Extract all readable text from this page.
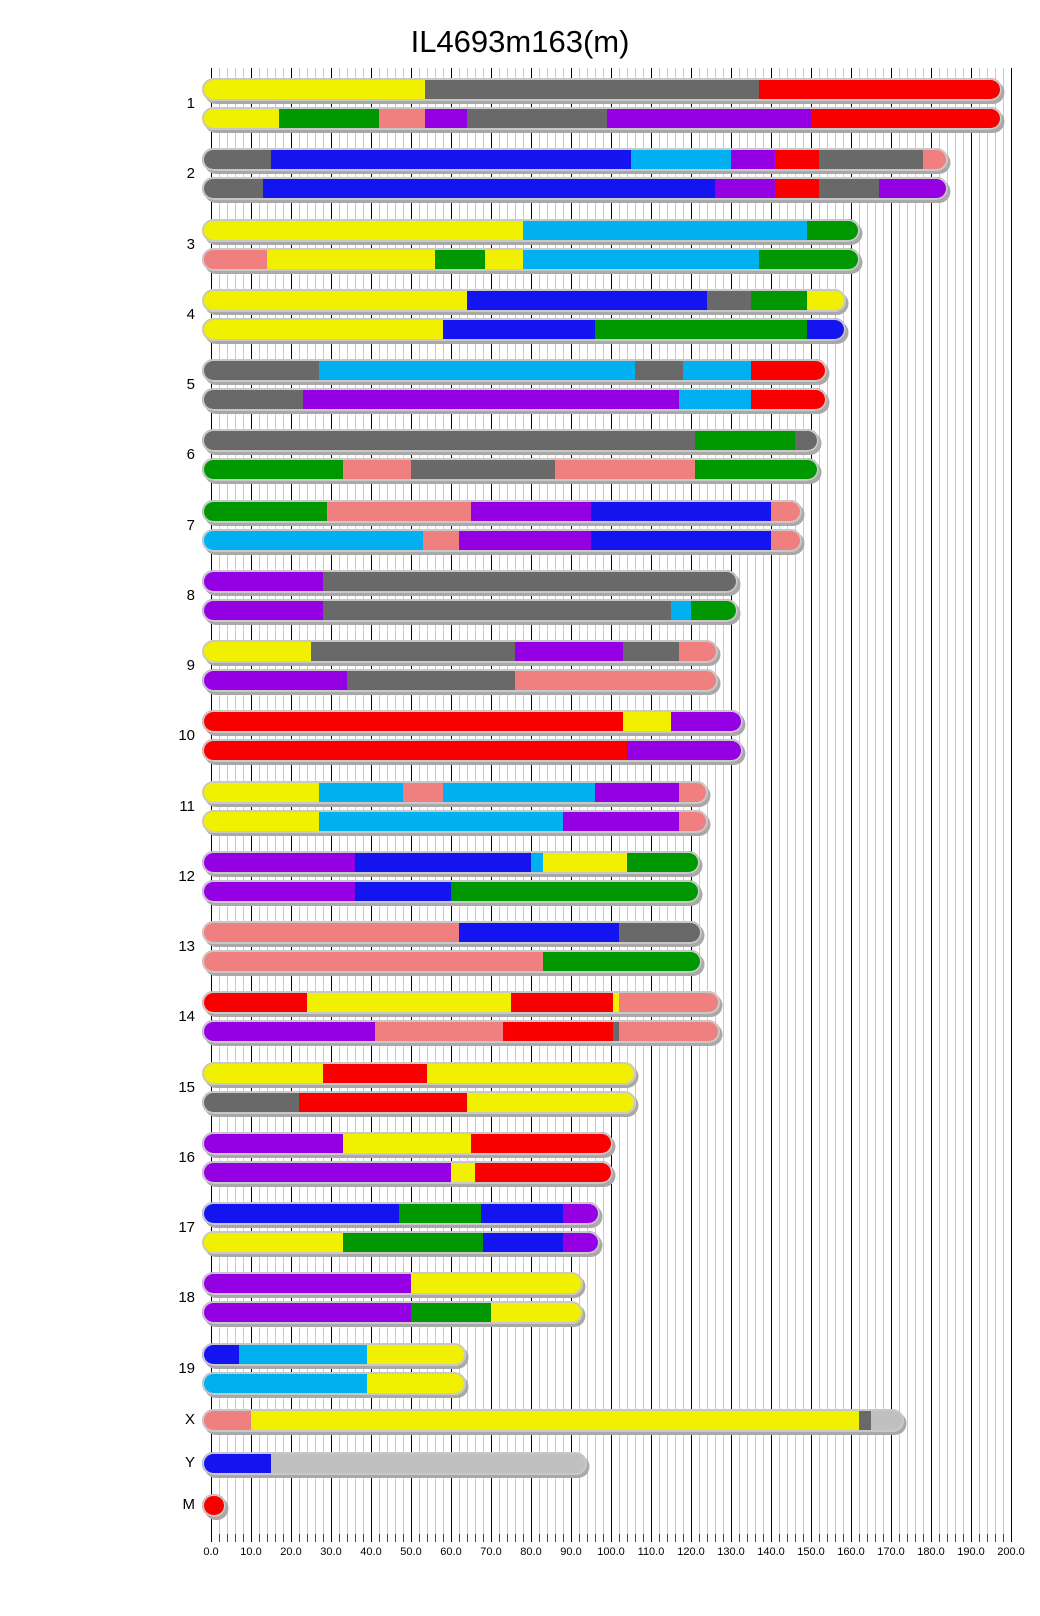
IL4693m163(m)
1
2
3
4
5
6
7
8
9
10
11
12
13
14
15
16
17
18
19
X
Y
M
0.0	10.0	20.0	30.0	40.0	50.0	60.0	70.0	80.0	90.0	100.0	110.0	120.0	130.0	140.0	150.0	160.0	170.0	180.0	190.0	200.0
